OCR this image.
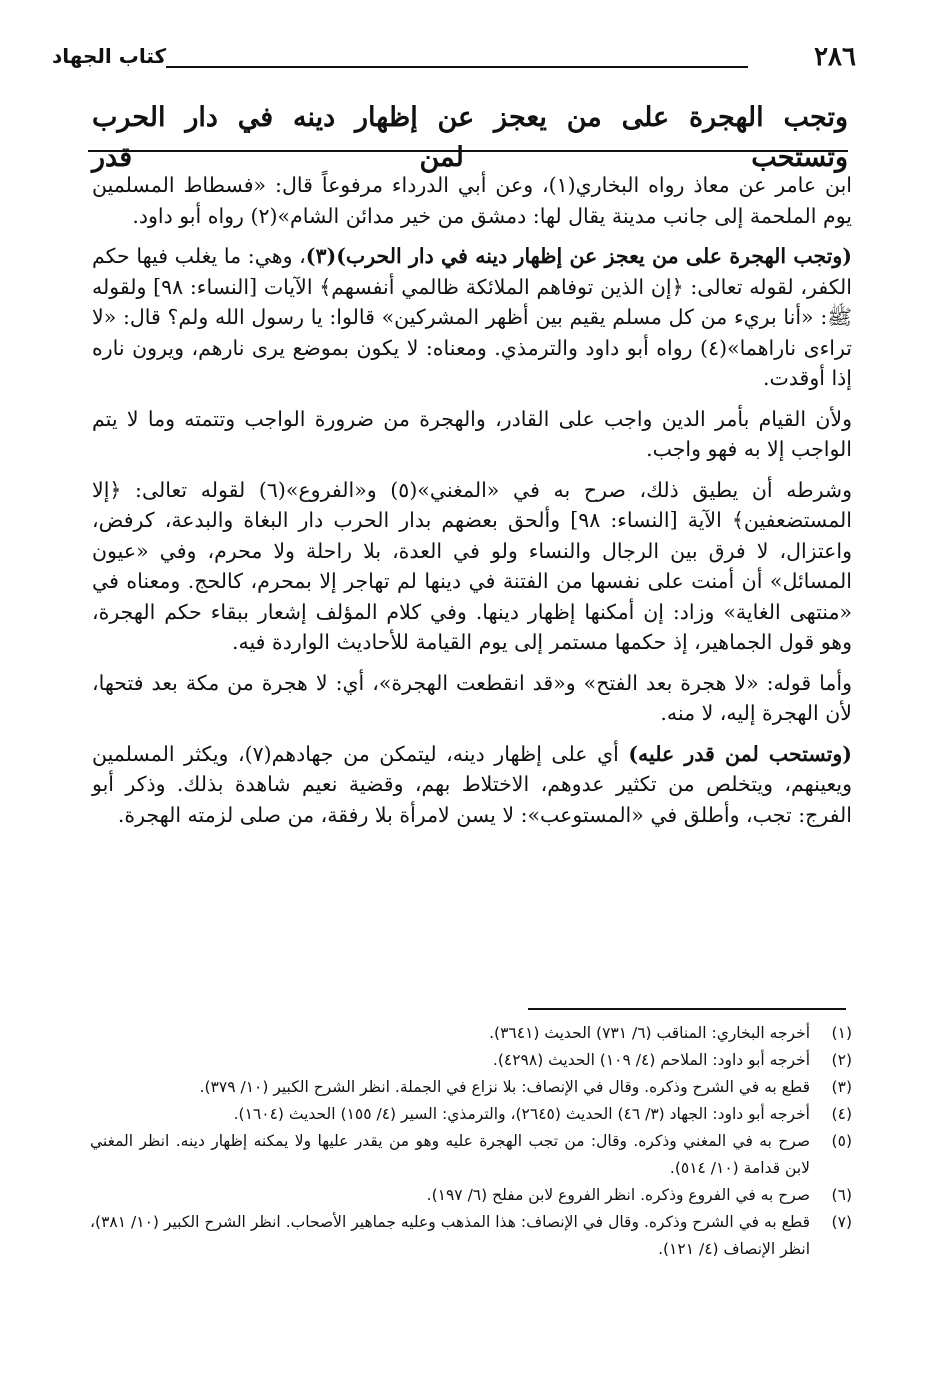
٢٨٦
كتاب الجهاد
وتجب الهجرة على من يعجز عن إظهار دينه في دار الحرب وتستحب لمن قدر

ابن عامر عن معاذ رواه البخاري(١)، وعن أبي الدرداء مرفوعاً قال: «فسطاط المسلمين يوم الملحمة إلى جانب مدينة يقال لها: دمشق من خير مدائن الشام»(٢) رواه أبو داود.

(وتجب الهجرة على من يعجز عن إظهار دينه في دار الحرب)(٣)، وهي: ما يغلب فيها حكم الكفر، لقوله تعالى: ﴿إن الذين توفاهم الملائكة ظالمي أنفسهم﴾ الآيات [النساء: ٩٨] ولقوله ﷺ: «أنا بريء من كل مسلم يقيم بين أظهر المشركين» قالوا: يا رسول الله ولم؟ قال: «لا تراءى ناراهما»(٤) رواه أبو داود والترمذي. ومعناه: لا يكون بموضع يرى نارهم، ويرون ناره إذا أوقدت.

ولأن القيام بأمر الدين واجب على القادر، والهجرة من ضرورة الواجب وتتمته وما لا يتم الواجب إلا به فهو واجب.

وشرطه أن يطيق ذلك، صرح به في «المغني»(٥) و«الفروع»(٦) لقوله تعالى: ﴿إلا المستضعفين﴾ الآية [النساء: ٩٨] وألحق بعضهم بدار الحرب دار البغاة والبدعة، كرفض، واعتزال، لا فرق بين الرجال والنساء ولو في العدة، بلا راحلة ولا محرم، وفي «عيون المسائل» أن أمنت على نفسها من الفتنة في دينها لم تهاجر إلا بمحرم، كالحج. ومعناه في «منتهى الغاية» وزاد: إن أمكنها إظهار دينها. وفي كلام المؤلف إشعار ببقاء حكم الهجرة، وهو قول الجماهير، إذ حكمها مستمر إلى يوم القيامة للأحاديث الواردة فيه.

وأما قوله: «لا هجرة بعد الفتح» و«قد انقطعت الهجرة»، أي: لا هجرة من مكة بعد فتحها، لأن الهجرة إليه، لا منه.

(وتستحب لمن قدر عليه) أي على إظهار دينه، ليتمكن من جهادهم(٧)، ويكثر المسلمين ويعينهم، ويتخلص من تكثير عدوهم، الاختلاط بهم، وقضية نعيم شاهدة بذلك. وذكر أبو الفرج: تجب، وأطلق في «المستوعب»: لا يسن لامرأة بلا رفقة، من صلى لزمته الهجرة.

(١)
أخرجه البخاري: المناقب (٦/ ٧٣١) الحديث (٣٦٤١).
(٢)
أخرجه أبو داود: الملاحم (٤/ ١٠٩) الحديث (٤٢٩٨).
(٣)
قطع به في الشرح وذكره. وقال في الإنصاف: بلا نزاع في الجملة. انظر الشرح الكبير (١٠/ ٣٧٩).
(٤)
أخرجه أبو داود: الجهاد (٣/ ٤٦) الحديث (٢٦٤٥)، والترمذي: السير (٤/ ١٥٥) الحديث (١٦٠٤).
(٥)
صرح به في المغني وذكره. وقال: من تجب الهجرة عليه وهو من يقدر عليها ولا يمكنه إظهار دينه. انظر المغني لابن قدامة (١٠/ ٥١٤).
(٦)
صرح به في الفروع وذكره. انظر الفروع لابن مفلح (٦/ ١٩٧).
(٧)
قطع به في الشرح وذكره. وقال في الإنصاف: هذا المذهب وعليه جماهير الأصحاب. انظر الشرح الكبير (١٠/ ٣٨١)، انظر الإنصاف (٤/ ١٢١).
